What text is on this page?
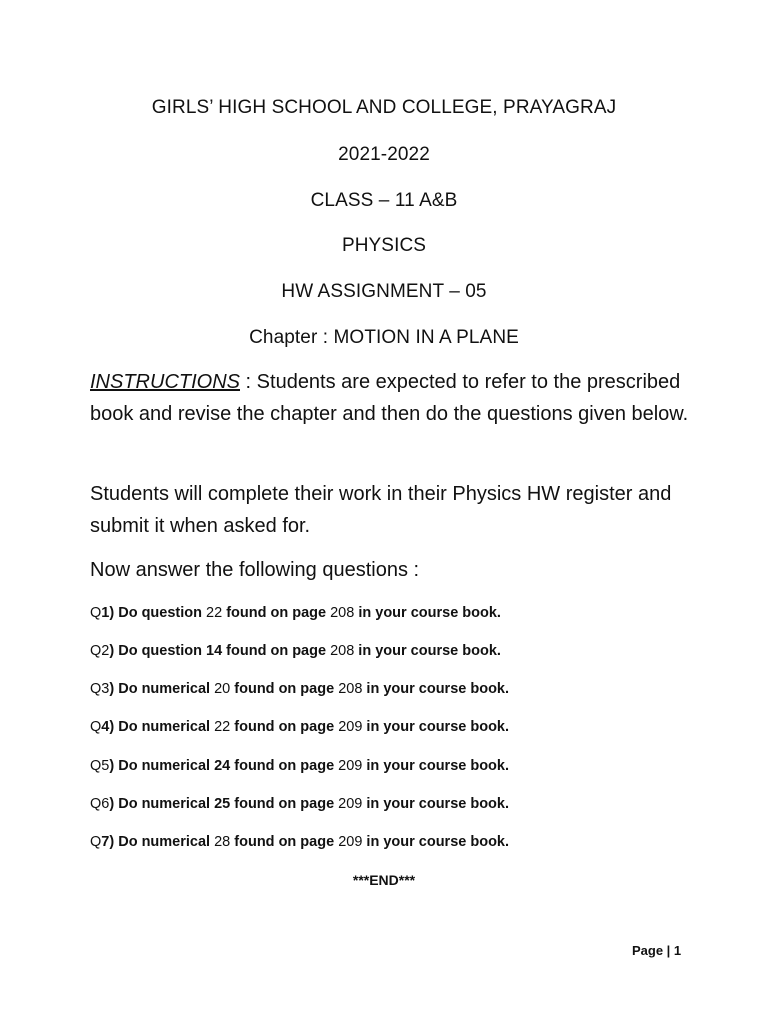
GIRLS’ HIGH SCHOOL AND COLLEGE, PRAYAGRAJ
2021-2022
CLASS – 11 A&B
PHYSICS
HW ASSIGNMENT – 05
Chapter : MOTION IN A PLANE
INSTRUCTIONS : Students are expected to refer to the prescribed book and revise the chapter and then do the questions given below.
Students will complete their work in their Physics HW register and submit it when asked for.
Now answer the following questions :
Q1) Do question 22 found on page 208 in your course book.
Q2) Do question 14 found on page 208 in your course book.
Q3) Do numerical 20 found on page 208 in your course book.
Q4) Do numerical 22 found on page 209 in your course book.
Q5) Do numerical 24 found on page 209 in your course book.
Q6) Do numerical 25 found on page 209 in your course book.
Q7) Do numerical 28 found on page 209 in your course book.
***END***
Page | 1
